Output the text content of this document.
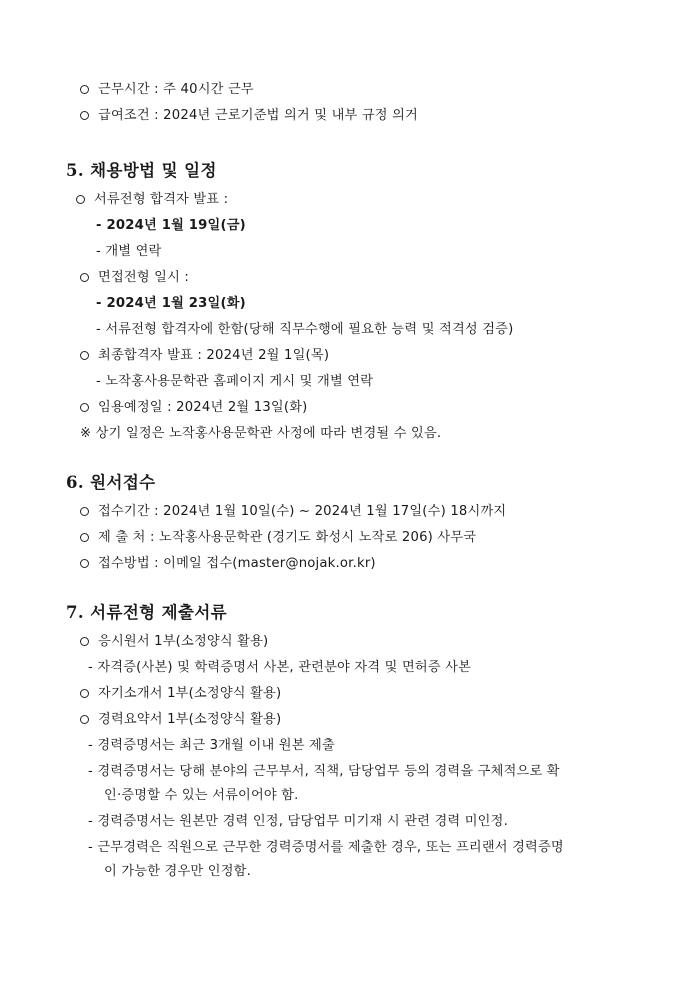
근무시간 : 주 40시간 근무
급여조건 : 2024년 근로기준법 의거 및 내부 규정 의거
5. 채용방법 및 일정
서류전형 합격자 발표 :
- 2024년 1월 19일(금)
- 개별 연락
면접전형 일시 :
- 2024년 1월 23일(화)
- 서류전형 합격자에 한함(당해 직무수행에 필요한 능력 및 적격성 검증)
최종합격자 발표 : 2024년 2월 1일(목)
- 노작홍사용문학관 홈페이지 게시 및 개별 연락
임용예정일 : 2024년 2월 13일(화)
※ 상기 일정은 노작홍사용문학관 사정에 따라 변경될 수 있음.
6. 원서접수
접수기간 : 2024년 1월 10일(수) ~ 2024년 1월 17일(수) 18시까지
제 출 처 : 노작홍사용문학관 (경기도 화성시 노작로 206) 사무국
접수방법 : 이메일 접수(master@nojak.or.kr)
7. 서류전형 제출서류
응시원서 1부(소정양식 활용)
- 자격증(사본) 및 학력증명서 사본, 관련분야 자격 및 면허증 사본
자기소개서 1부(소정양식 활용)
경력요약서 1부(소정양식 활용)
- 경력증명서는 최근 3개월 이내 원본 제출
- 경력증명서는 당해 분야의 근무부서, 직책, 담당업무 등의 경력을 구체적으로 확
인·증명할 수 있는 서류이어야 함.
- 경력증명서는 원본만 경력 인정, 담당업무 미기재 시 관련 경력 미인정.
- 근무경력은 직원으로 근무한 경력증명서를 제출한 경우, 또는 프리랜서 경력증명
이 가능한 경우만 인정함.
